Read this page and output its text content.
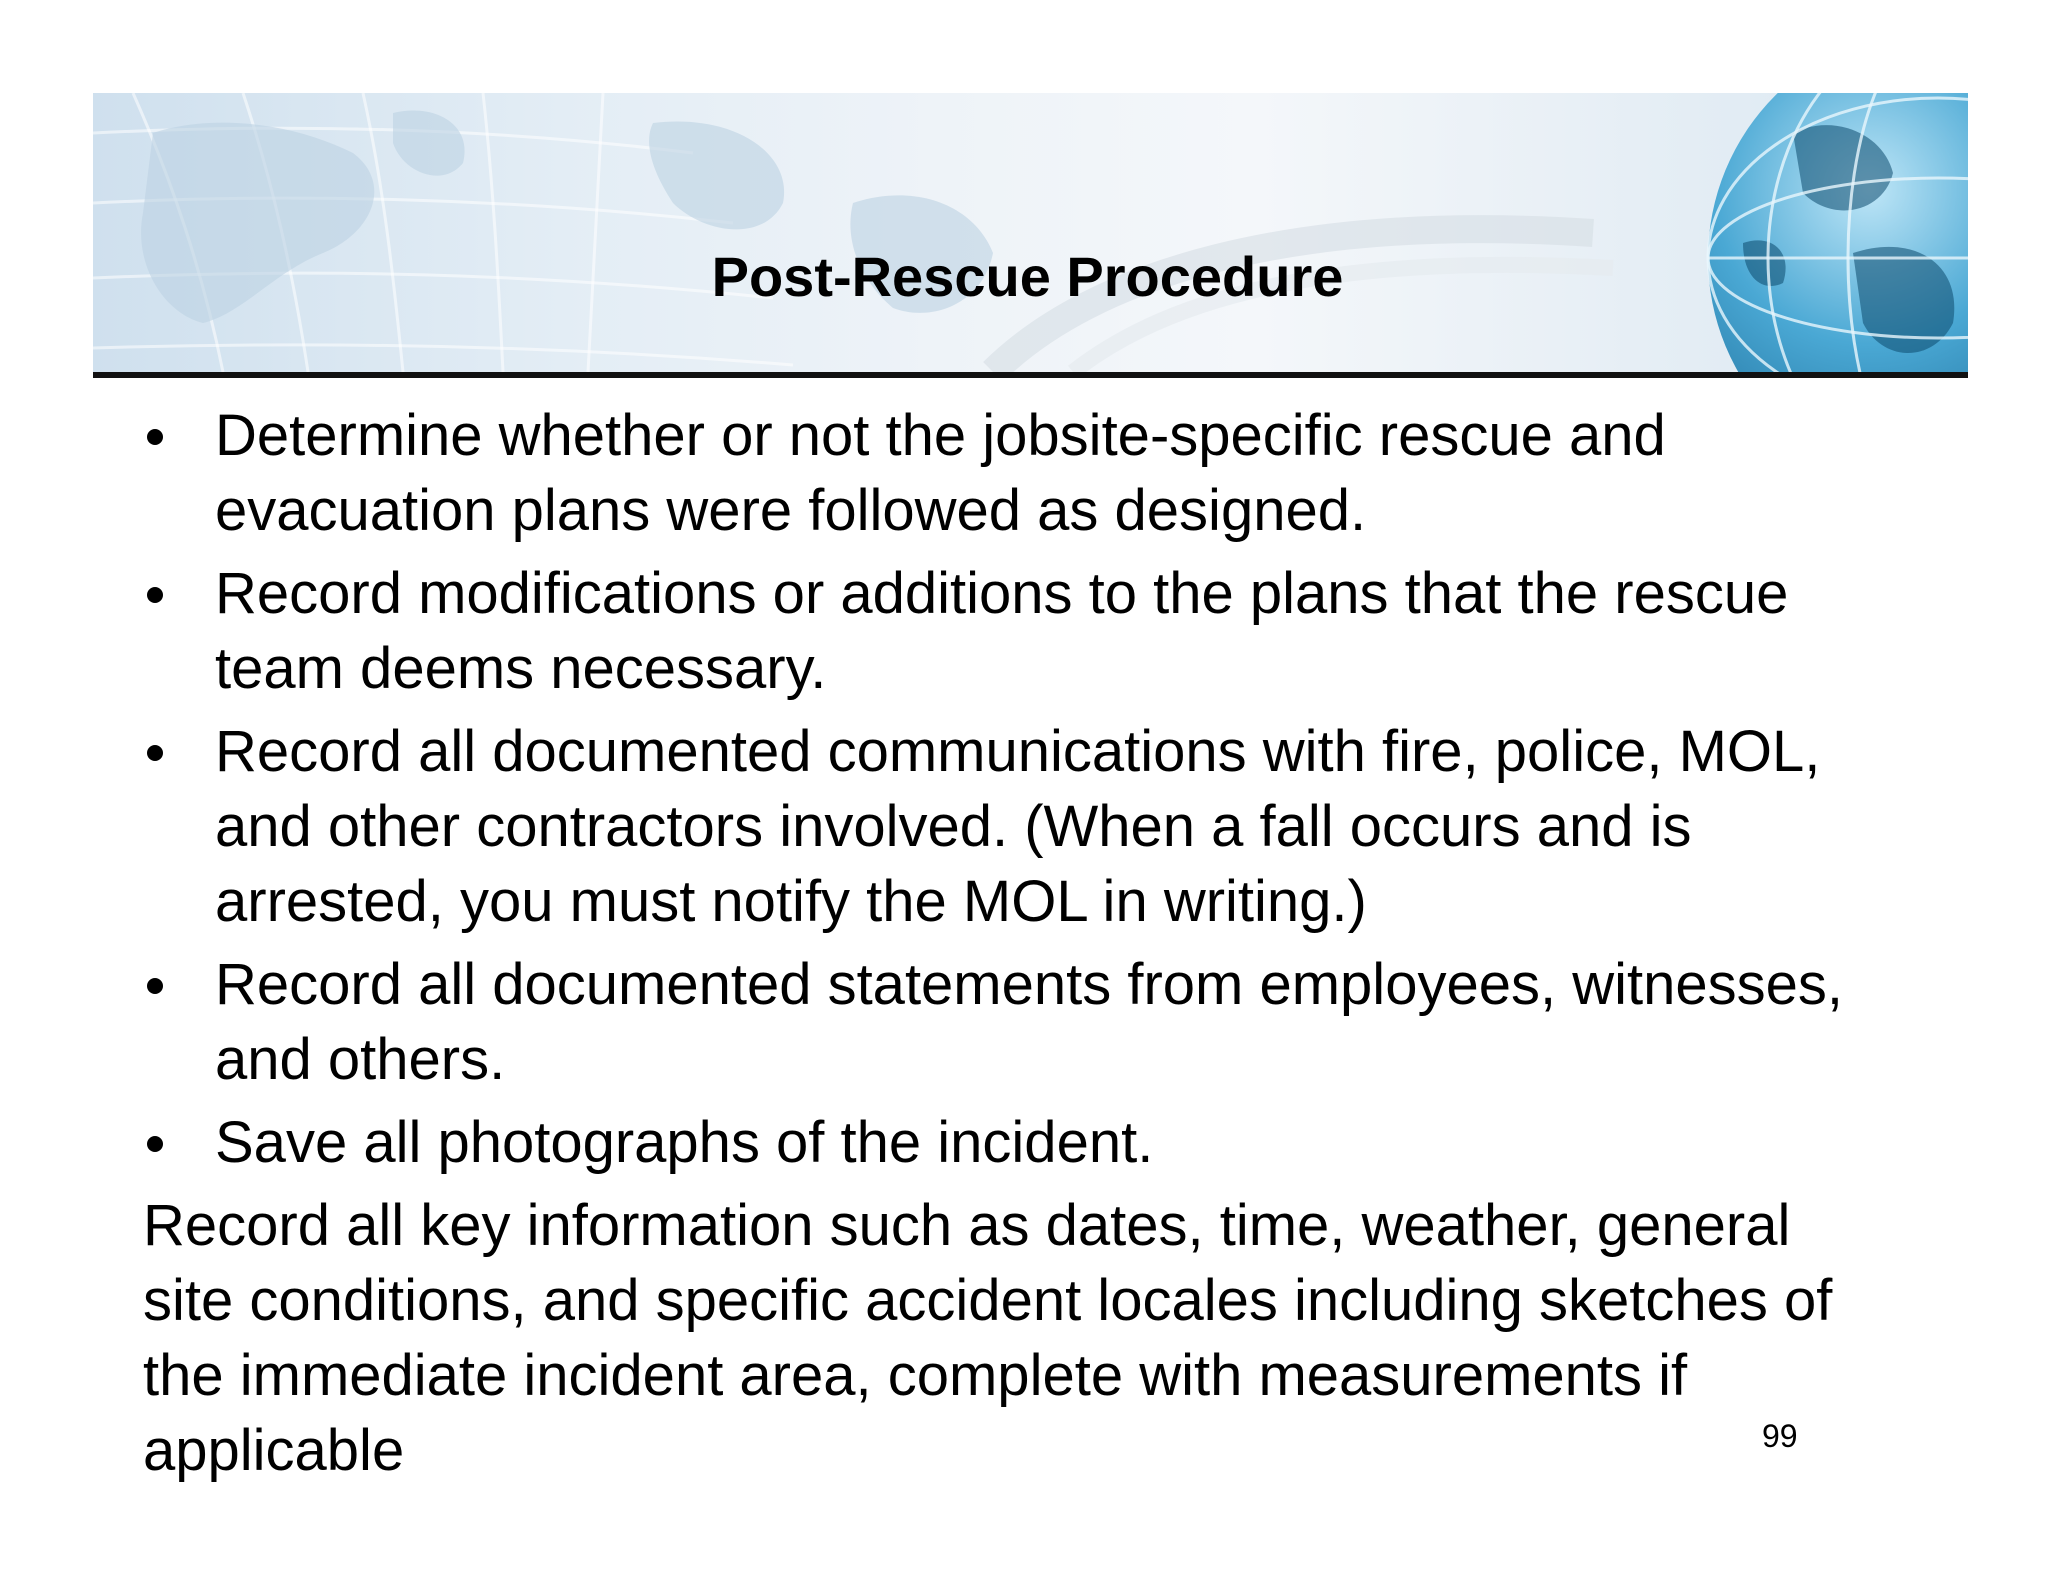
Post-Rescue Procedure
Determine whether or not the jobsite-specific rescue and evacuation plans were followed as designed.
Record modifications or additions to the plans that the rescue team deems necessary.
Record all documented communications with fire, police, MOL, and other contractors involved. (When a fall occurs and is arrested, you must notify the MOL in writing.)
Record all documented statements from employees, witnesses, and others.
Save all photographs of the incident.
Record all key information such as dates, time, weather, general site conditions, and specific accident locales including sketches of the immediate incident area, complete with measurements if applicable	99
